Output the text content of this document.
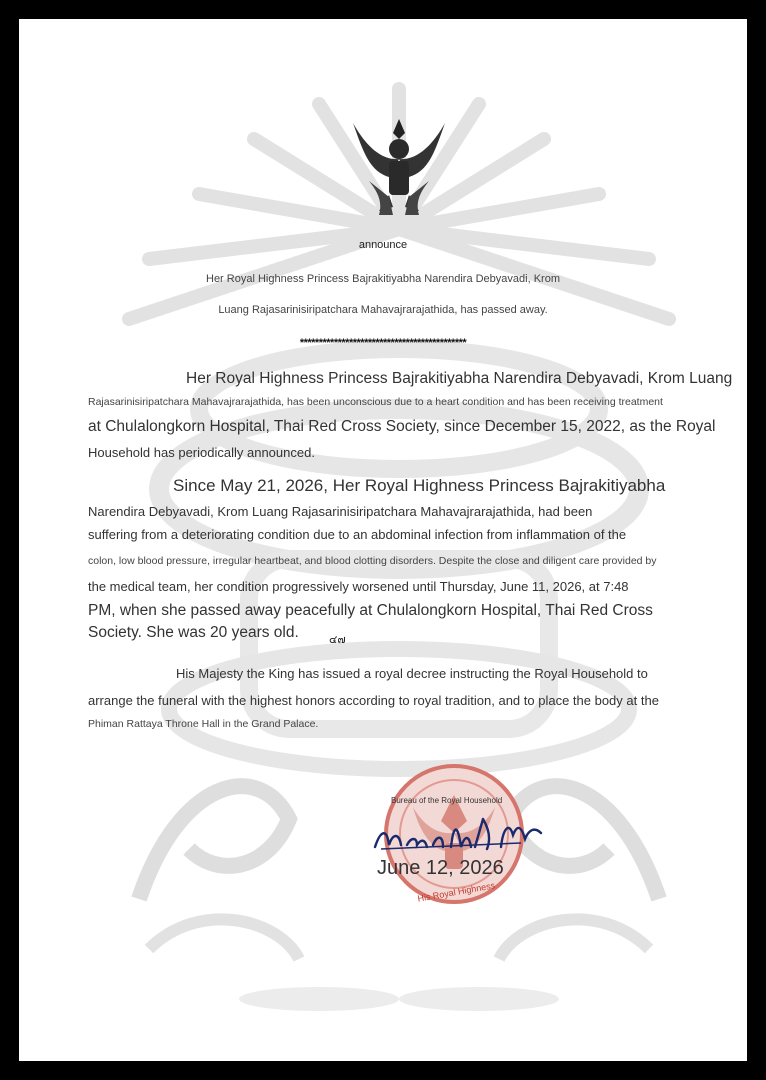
announce
Her Royal Highness Princess Bajrakitiyabha Narendira Debyavadi, Krom
Luang Rajasarinisiripatchara Mahavajrarajathida, has passed away.
********************************************
Her Royal Highness Princess Bajrakitiyabha Narendira Debyavadi, Krom Luang
Rajasarinisiripatchara Mahavajrarajathida, has been unconscious due to a heart condition and has been receiving treatment
at Chulalongkorn Hospital, Thai Red Cross Society, since December 15, 2022, as the Royal
Household has periodically announced.
Since May 21, 2026, Her Royal Highness Princess Bajrakitiyabha
Narendira Debyavadi, Krom Luang Rajasarinisiripatchara Mahavajrarajathida, had been
suffering from a deteriorating condition due to an abdominal infection from inflammation of the
colon, low blood pressure, irregular heartbeat, and blood clotting disorders. Despite the close and diligent care provided by
the medical team, her condition progressively worsened until Thursday, June 11, 2026, at 7:48
PM, when she passed away peacefully at Chulalongkorn Hospital, Thai Red Cross
Society. She was 20 years old.	๔๗
His Majesty the King has issued a royal decree instructing the Royal Household to
arrange the funeral with the highest honors according to royal tradition, and to place the body at the
Phiman Rattaya Throne Hall in the Grand Palace.
Bureau of the Royal Household
June 12, 2026
His Royal Highness
